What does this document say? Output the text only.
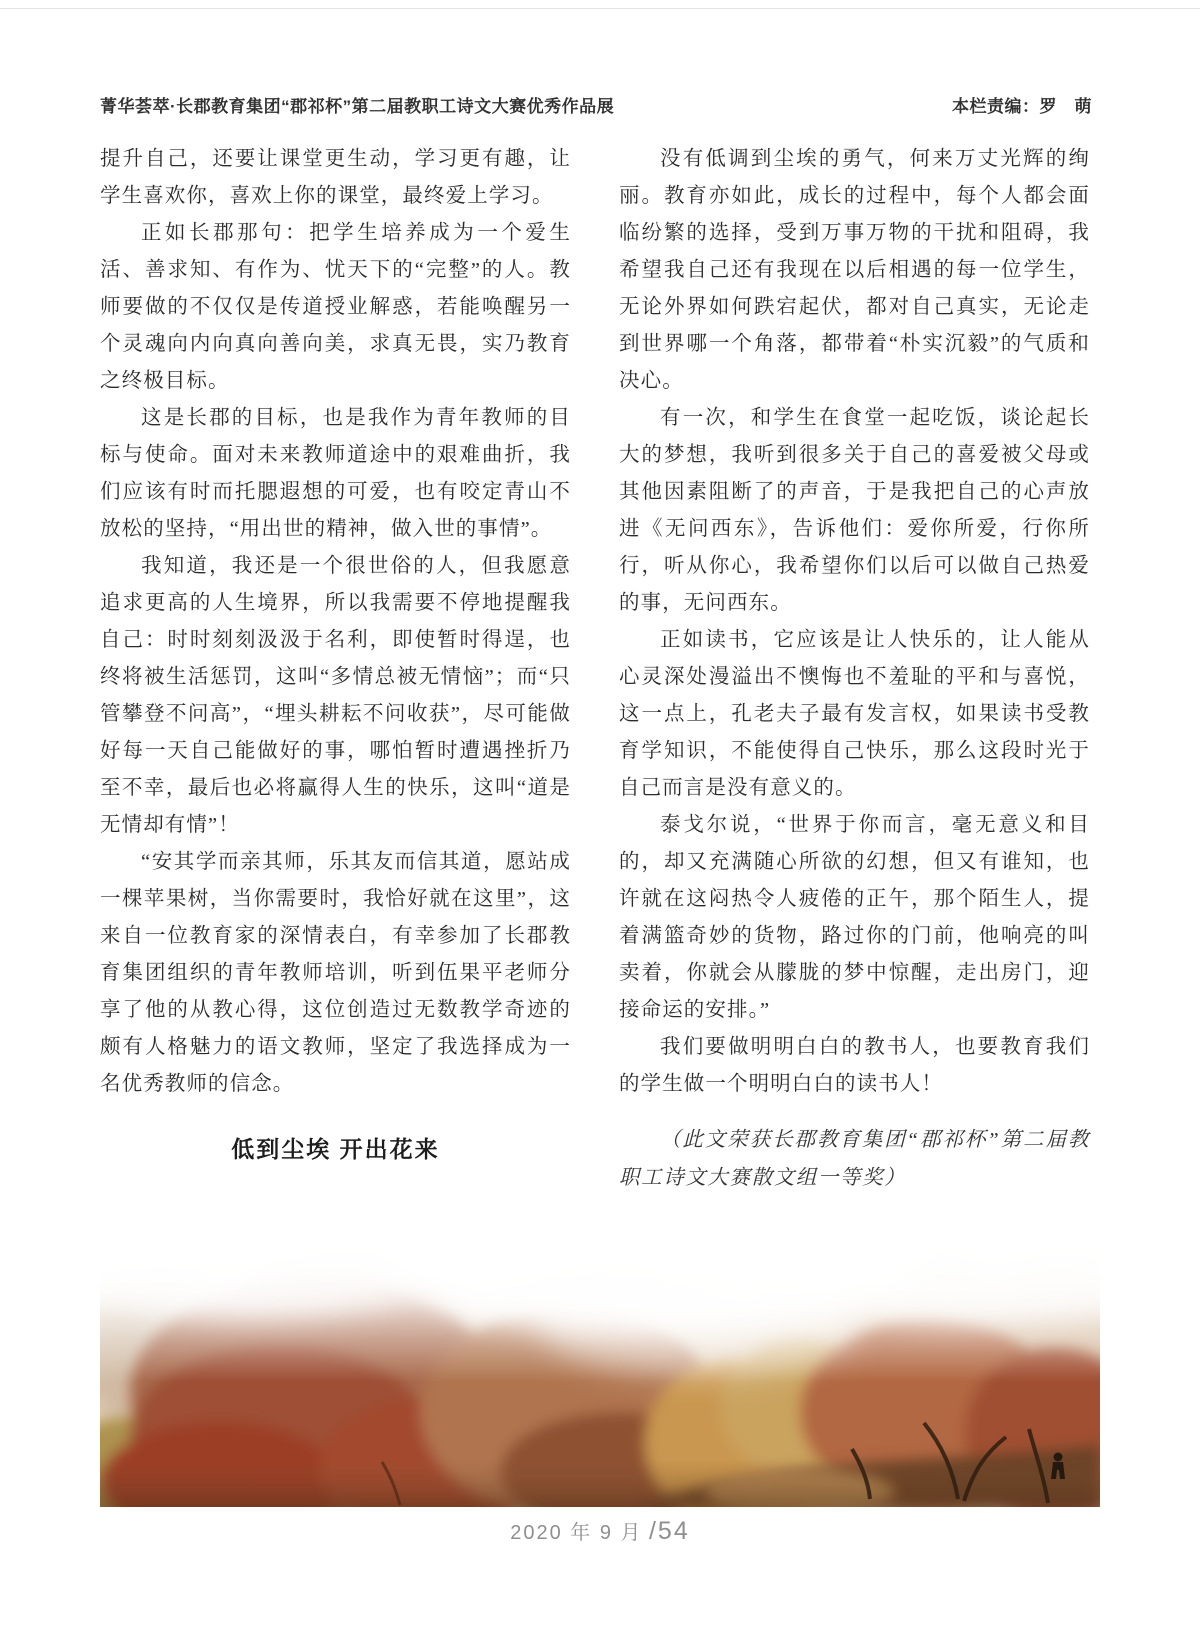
菁华荟萃·长郡教育集团“郡祁杯”第二届教职工诗文大赛优秀作品展	本栏责编：罗　萌

提升自己，还要让课堂更生动，学习更有趣，让学生喜欢你，喜欢上你的课堂，最终爱上学习。

正如长郡那句：把学生培养成为一个爱生活、善求知、有作为、忧天下的“完整”的人。教师要做的不仅仅是传道授业解惑，若能唤醒另一个灵魂向内向真向善向美，求真无畏，实乃教育之终极目标。

这是长郡的目标，也是我作为青年教师的目标与使命。面对未来教师道途中的艰难曲折，我们应该有时而托腮遐想的可爱，也有咬定青山不放松的坚持，“用出世的精神，做入世的事情”。

我知道，我还是一个很世俗的人，但我愿意追求更高的人生境界，所以我需要不停地提醒我自己：时时刻刻汲汲于名利，即使暂时得逞，也终将被生活惩罚，这叫“多情总被无情恼”；而“只管攀登不问高”，“埋头耕耘不问收获”，尽可能做好每一天自己能做好的事，哪怕暂时遭遇挫折乃至不幸，最后也必将赢得人生的快乐，这叫“道是无情却有情”！

“安其学而亲其师，乐其友而信其道，愿站成一棵苹果树，当你需要时，我恰好就在这里”，这来自一位教育家的深情表白，有幸参加了长郡教育集团组织的青年教师培训，听到伍果平老师分享了他的从教心得，这位创造过无数教学奇迹的颇有人格魅力的语文教师，坚定了我选择成为一名优秀教师的信念。

低到尘埃 开出花来

没有低调到尘埃的勇气，何来万丈光辉的绚丽。教育亦如此，成长的过程中，每个人都会面临纷繁的选择，受到万事万物的干扰和阻碍，我希望我自己还有我现在以后相遇的每一位学生，无论外界如何跌宕起伏，都对自己真实，无论走到世界哪一个角落，都带着“朴实沉毅”的气质和决心。

有一次，和学生在食堂一起吃饭，谈论起长大的梦想，我听到很多关于自己的喜爱被父母或其他因素阻断了的声音，于是我把自己的心声放进《无问西东》，告诉他们：爱你所爱，行你所行，听从你心，我希望你们以后可以做自己热爱的事，无问西东。

正如读书，它应该是让人快乐的，让人能从心灵深处漫溢出不懊悔也不羞耻的平和与喜悦，这一点上，孔老夫子最有发言权，如果读书受教育学知识，不能使得自己快乐，那么这段时光于自己而言是没有意义的。

泰戈尔说，“世界于你而言，毫无意义和目的，却又充满随心所欲的幻想，但又有谁知，也许就在这闷热令人疲倦的正午，那个陌生人，提着满篮奇妙的货物，路过你的门前，他响亮的叫卖着，你就会从朦胧的梦中惊醒，走出房门，迎接命运的安排。”

我们要做明明白白的教书人，也要教育我们的学生做一个明明白白的读书人！

（此文荣获长郡教育集团“郡祁杯”第二届教职工诗文大赛散文组一等奖）

2020 年 9 月 /54
